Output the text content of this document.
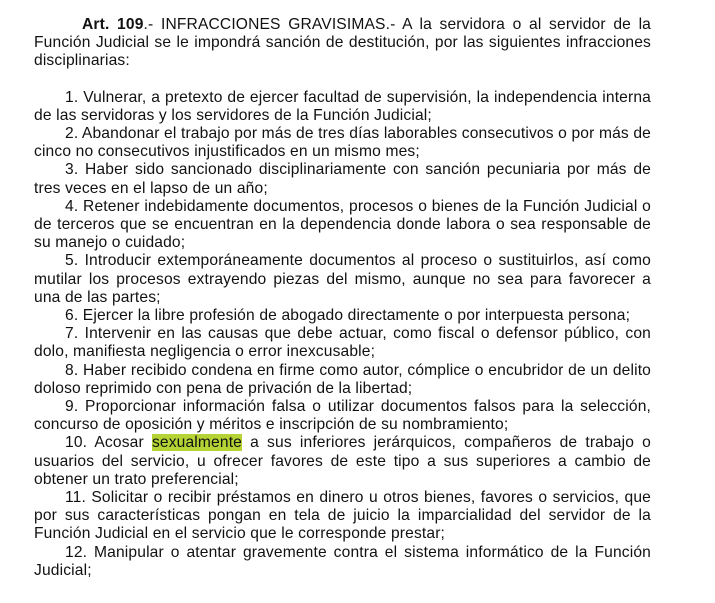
Art. 109.- INFRACCIONES GRAVISIMAS.- A la servidora o al servidor de la Función Judicial se le impondrá sanción de destitución, por las siguientes infracciones disciplinarias:

1. Vulnerar, a pretexto de ejercer facultad de supervisión, la independencia interna de las servidoras y los servidores de la Función Judicial;

2. Abandonar el trabajo por más de tres días laborables consecutivos o por más de cinco no consecutivos injustificados en un mismo mes;

3. Haber sido sancionado disciplinariamente con sanción pecuniaria por más de tres veces en el lapso de un año;

4. Retener indebidamente documentos, procesos o bienes de la Función Judicial o de terceros que se encuentran en la dependencia donde labora o sea responsable de su manejo o cuidado;

5. Introducir extemporáneamente documentos al proceso o sustituirlos, así como mutilar los procesos extrayendo piezas del mismo, aunque no sea para favorecer a una de las partes;

6. Ejercer la libre profesión de abogado directamente o por interpuesta persona;

7. Intervenir en las causas que debe actuar, como fiscal o defensor público, con dolo, manifiesta negligencia o error inexcusable;

8. Haber recibido condena en firme como autor, cómplice o encubridor de un delito doloso reprimido con pena de privación de la libertad;

9. Proporcionar información falsa o utilizar documentos falsos para la selección, concurso de oposición y méritos e inscripción de su nombramiento;

10. Acosar sexualmente a sus inferiores jerárquicos, compañeros de trabajo o usuarios del servicio, u ofrecer favores de este tipo a sus superiores a cambio de obtener un trato preferencial;

11. Solicitar o recibir préstamos en dinero u otros bienes, favores o servicios, que por sus características pongan en tela de juicio la imparcialidad del servidor de la Función Judicial en el servicio que le corresponde prestar;

12. Manipular o atentar gravemente contra el sistema informático de la Función Judicial;
